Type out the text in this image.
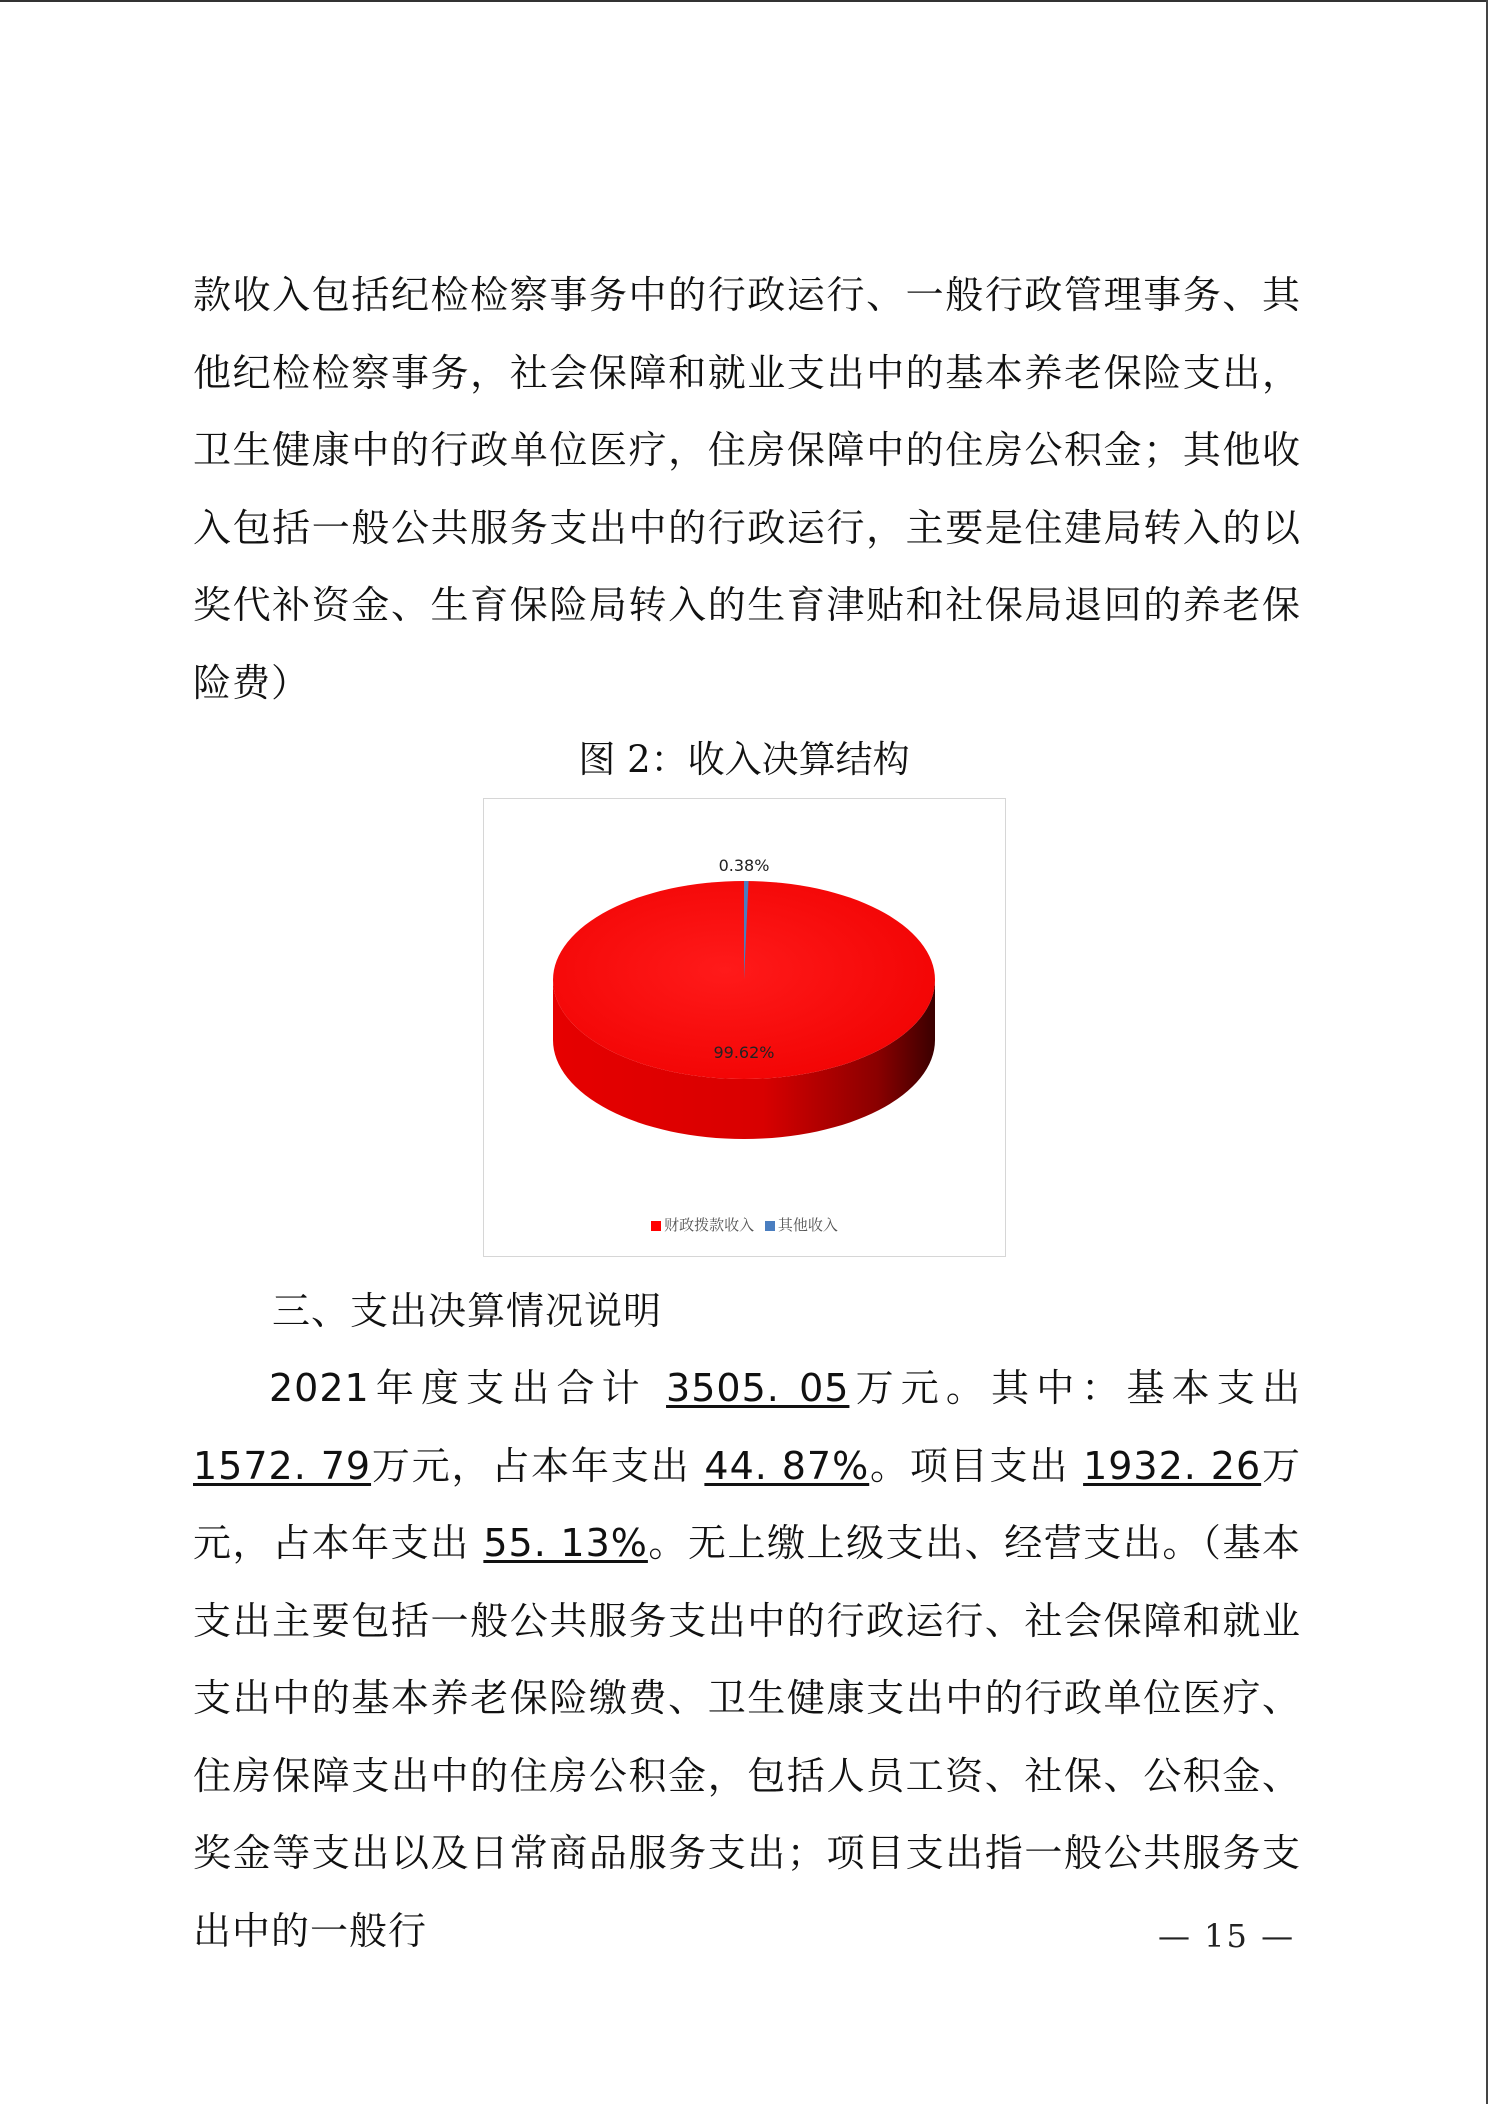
款收入包括纪检检察事务中的行政运行、一般行政管理事务、其他纪检检察事务，社会保障和就业支出中的基本养老保险支出，卫生健康中的行政单位医疗，住房保障中的住房公积金；其他收入包括一般公共服务支出中的行政运行，主要是住建局转入的以奖代补资金、生育保险局转入的生育津贴和社保局退回的养老保险费）
图 2：收入决算结构
0.38%
99.62%
财政拨款收入 其他收入
三、支出决算情况说明
2021年度支出合计 3505. 05万元。其中：基本支出 1572. 79万元，占本年支出 44. 87%。项目支出 1932. 26万元，占本年支出 55. 13%。无上缴上级支出、经营支出。（基本支出主要包括一般公共服务支出中的行政运行、社会保障和就业支出中的基本养老保险缴费、卫生健康支出中的行政单位医疗、住房保障支出中的住房公积金，包括人员工资、社保、公积金、奖金等支出以及日常商品服务支出；项目支出指一般公共服务支出中的一般行	— 15 —
